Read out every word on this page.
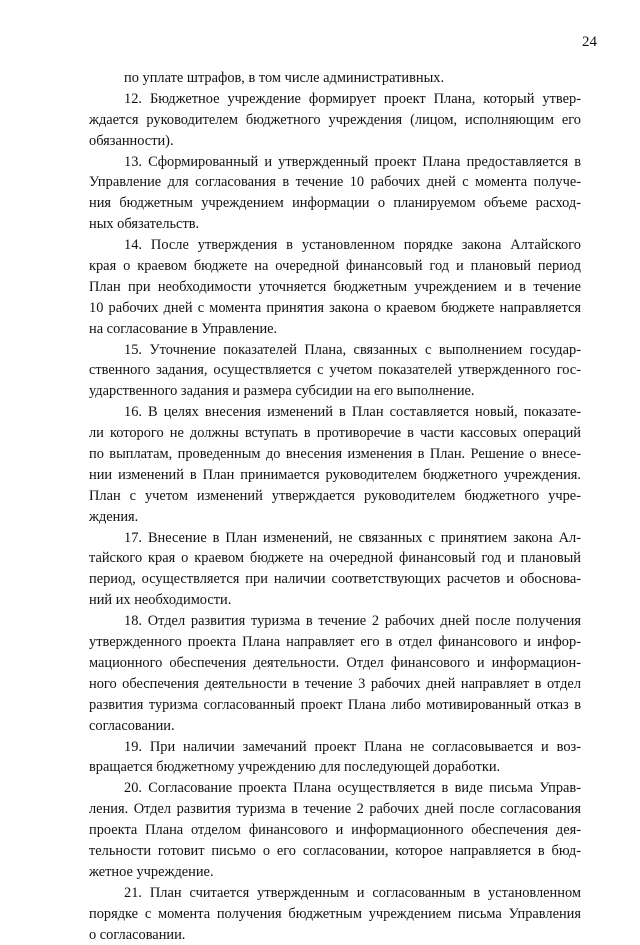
24
по уплате штрафов, в том числе административных.
12. Бюджетное учреждение формирует проект Плана, который утвер-
ждается руководителем бюджетного учреждения (лицом, исполняющим его
обязанности).
13. Сформированный и утвержденный проект Плана предоставляется в
Управление для согласования в течение 10 рабочих дней с момента получе-
ния бюджетным учреждением информации о планируемом объеме расход-
ных обязательств.
14. После утверждения в установленном порядке закона Алтайского
края о краевом бюджете на очередной финансовый год и плановый период
План при необходимости уточняется бюджетным учреждением и в течение
10 рабочих дней с момента принятия закона о краевом бюджете направляется
на согласование в Управление.
15. Уточнение показателей Плана, связанных с выполнением государ-
ственного задания, осуществляется с учетом показателей утвержденного гос-
ударственного задания и размера субсидии на его выполнение.
16. В целях внесения изменений в План составляется новый, показате-
ли которого не должны вступать в противоречие в части кассовых операций
по выплатам, проведенным до внесения изменения в План. Решение о внесе-
нии изменений в План принимается руководителем бюджетного учреждения.
План с учетом изменений утверждается руководителем бюджетного учре-
ждения.
17. Внесение в План изменений, не связанных с принятием закона Ал-
тайского края о краевом бюджете на очередной финансовый год и плановый
период, осуществляется при наличии соответствующих расчетов и обоснова-
ний их необходимости.
18. Отдел развития туризма в течение 2 рабочих дней после получения
утвержденного проекта Плана направляет его в отдел финансового и инфор-
мационного обеспечения деятельности. Отдел финансового и информацион-
ного обеспечения деятельности в течение 3 рабочих дней направляет в отдел
развития туризма согласованный проект Плана либо мотивированный отказ в
согласовании.
19. При наличии замечаний проект Плана не согласовывается и воз-
вращается бюджетному учреждению для последующей доработки.
20. Согласование проекта Плана осуществляется в виде письма Управ-
ления. Отдел развития туризма в течение 2 рабочих дней после согласования
проекта Плана отделом финансового и информационного обеспечения дея-
тельности готовит письмо о его согласовании, которое направляется в бюд-
жетное учреждение.
21. План считается утвержденным и согласованным в установленном
порядке с момента получения бюджетным учреждением письма Управления
о согласовании.
